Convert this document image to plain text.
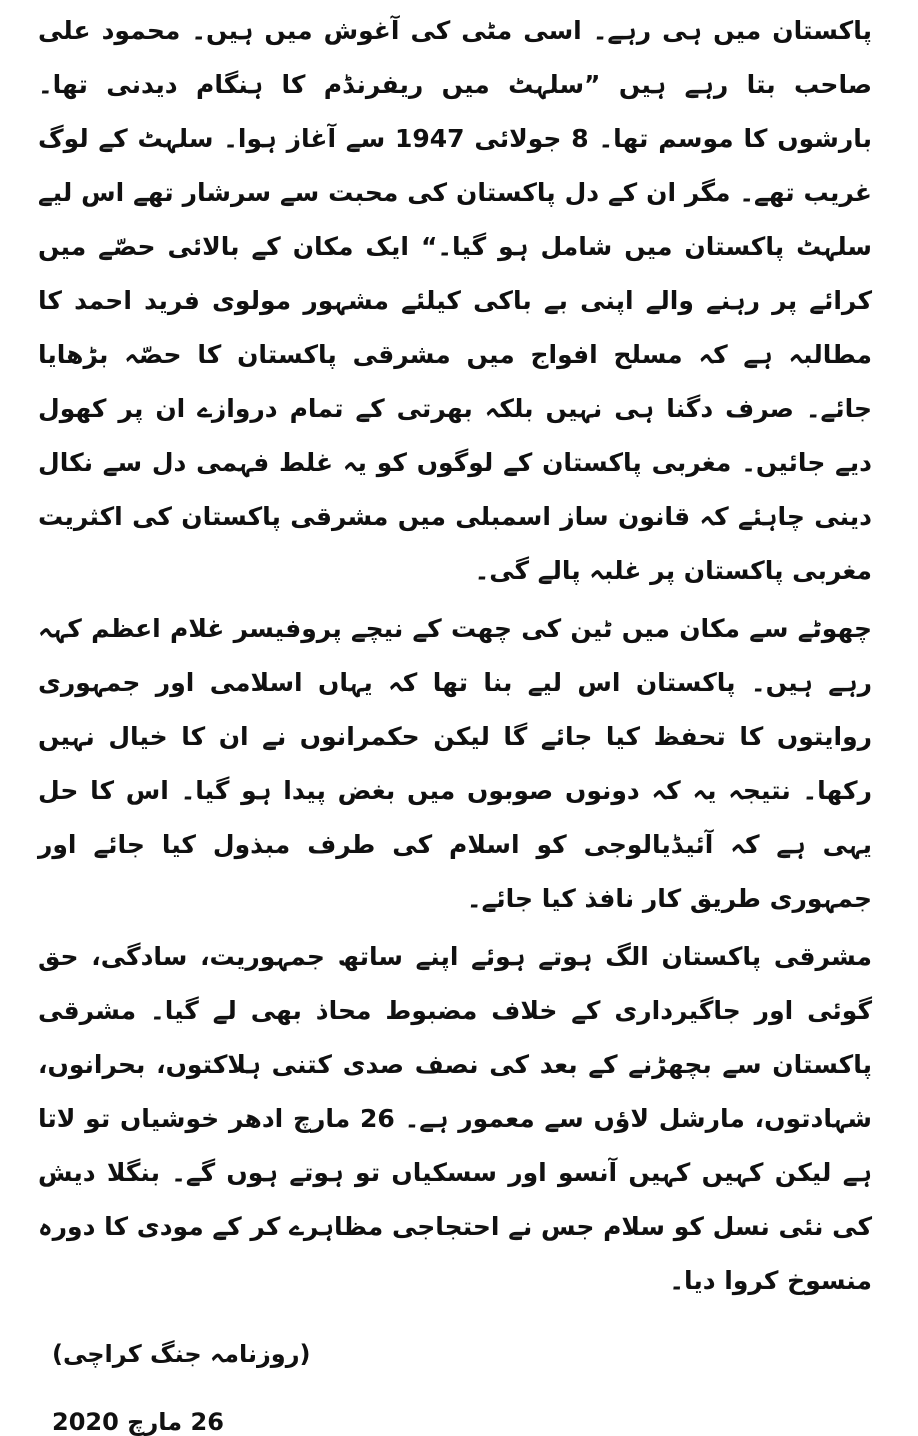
پاکستان میں ہی رہے۔ اسی مٹی کی آغوش میں ہیں۔ محمود علی صاحب بتا رہے ہیں ”سلہٹ میں ریفرنڈم کا ہنگام دیدنی تھا۔ بارشوں کا موسم تھا۔ 8 جولائی 1947 سے آغاز ہوا۔ سلہٹ کے لوگ غریب تھے۔ مگر ان کے دل پاکستان کی محبت سے سرشار تھے اس لیے سلہٹ پاکستان میں شامل ہو گیا۔“ ایک مکان کے بالائی حصّے میں کرائے پر رہنے والے اپنی بے باکی کیلئے مشہور مولوی فرید احمد کا مطالبہ ہے کہ مسلح افواج میں مشرقی پاکستان کا حصّہ بڑھایا جائے۔ صرف دگنا ہی نہیں بلکہ بھرتی کے تمام دروازے ان پر کھول دیے جائیں۔ مغربی پاکستان کے لوگوں کو یہ غلط فہمی دل سے نکال دینی چاہئے کہ قانون ساز اسمبلی میں مشرقی پاکستان کی اکثریت مغربی پاکستان پر غلبہ پالے گی۔

چھوٹے سے مکان میں ٹین کی چھت کے نیچے پروفیسر غلام اعظم کہہ رہے ہیں۔ پاکستان اس لیے بنا تھا کہ یہاں اسلامی اور جمہوری روایتوں کا تحفظ کیا جائے گا لیکن حکمرانوں نے ان کا خیال نہیں رکھا۔ نتیجہ یہ کہ دونوں صوبوں میں بغض پیدا ہو گیا۔ اس کا حل یہی ہے کہ آئیڈیالوجی کو اسلام کی طرف مبذول کیا جائے اور جمہوری طریق کار نافذ کیا جائے۔

مشرقی پاکستان الگ ہوتے ہوئے اپنے ساتھ جمہوریت، سادگی، حق گوئی اور جاگیرداری کے خلاف مضبوط محاذ بھی لے گیا۔ مشرقی پاکستان سے بچھڑنے کے بعد کی نصف صدی کتنی ہلاکتوں، بحرانوں، شہادتوں، مارشل لاؤں سے معمور ہے۔ 26 مارچ ادھر خوشیاں تو لاتا ہے لیکن کہیں کہیں آنسو اور سسکیاں تو ہوتے ہوں گے۔ بنگلا دیش کی نئی نسل کو سلام جس نے احتجاجی مظاہرے کر کے مودی کا دورہ منسوخ کروا دیا۔

(روزنامہ جنگ کراچی)
26 مارچ 2020
